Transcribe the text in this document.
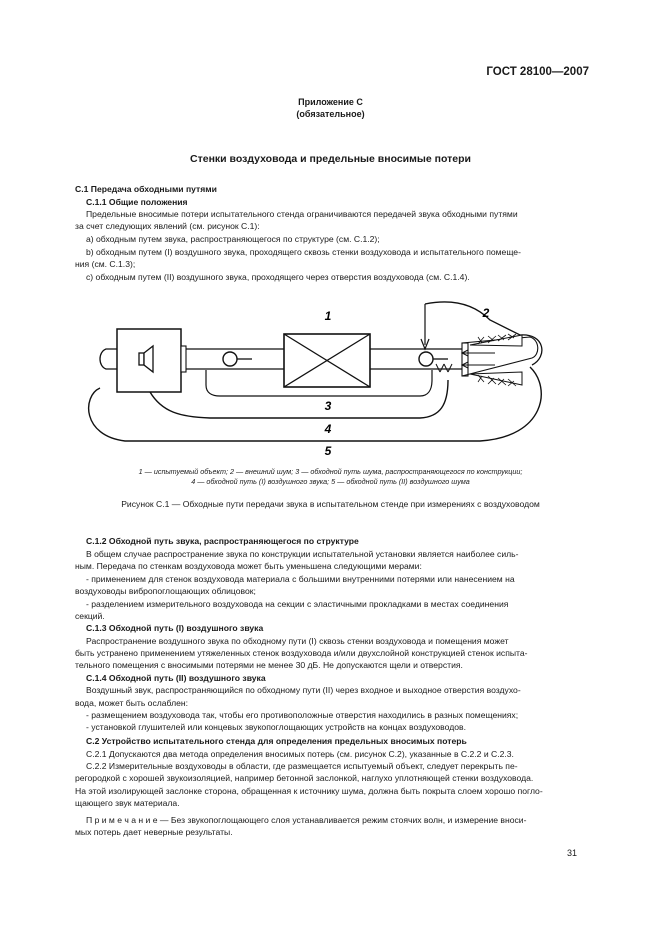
ГОСТ 28100—2007
Приложение С
(обязательное)
Стенки воздуховода и предельные вносимые потери
С.1 Передача обходными путями
С.1.1 Общие положения
Предельные вносимые потери испытательного стенда ограничиваются передачей звука обходными путями
за счет следующих явлений (см. рисунок С.1):
a) обходным путем звука, распространяющегося по структуре (см. С.1.2);
b) обходным путем (I) воздушного звука, проходящего сквозь стенки воздуховода и испытательного помеще-
ния (см. С.1.3);
c) обходным путем (II) воздушного звука, проходящего через отверстия воздуховода (см. С.1.4).
1	2
3
4
5
1 — испытуемый объект; 2 — внешний шум; 3 — обходной путь шума, распространяющегося по конструкции;
4 — обходной путь (I) воздушного звука; 5 — обходной путь (II) воздушного шума
Рисунок С.1 — Обходные пути передачи звука в испытательном стенде при измерениях с воздуховодом
С.1.2 Обходной путь звука, распространяющегося по структуре
В общем случае распространение звука по конструкции испытательной установки является наиболее силь-
ным. Передача по стенкам воздуховода может быть уменьшена следующими мерами:
- применением для стенок воздуховода материала с большими внутренними потерями или нанесением на
воздуховоды вибропоглощающих облицовок;
- разделением измерительного воздуховода на секции с эластичными прокладками в местах соединения
секций.
С.1.3 Обходной путь (I) воздушного звука
Распространение воздушного звука по обходному пути (I) сквозь стенки воздуховода и помещения может
быть устранено применением утяжеленных стенок воздуховода и/или двухслойной конструкцией стенок испыта-
тельного помещения с вносимыми потерями не менее 30 дБ. Не допускаются щели и отверстия.
С.1.4 Обходной путь (II) воздушного звука
Воздушный звук, распространяющийся по обходному пути (II) через входное и выходное отверстия воздухо-
вода, может быть ослаблен:
- размещением воздуховода так, чтобы его противоположные отверстия находились в разных помещениях;
- установкой глушителей или концевых звукопоглощающих устройств на концах воздуховодов.
С.2 Устройство испытательного стенда для определения предельных вносимых потерь
С.2.1 Допускаются два метода определения вносимых потерь (см. рисунок С.2), указанные в С.2.2 и С.2.3.
С.2.2 Измерительные воздуховоды в области, где размещается испытуемый объект, следует перекрыть пе-
регородкой с хорошей звукоизоляцией, например бетонной заслонкой, наглухо уплотняющей стенки воздуховода.
На этой изолирующей заслонке сторона, обращенная к источнику шума, должна быть покрыта слоем хорошо погло-
щающего звук материала.
П р и м е ч а н и е — Без звукопоглощающего слоя устанавливается режим стоячих волн, и измерение вноси-
мых потерь дает неверные результаты.
31
